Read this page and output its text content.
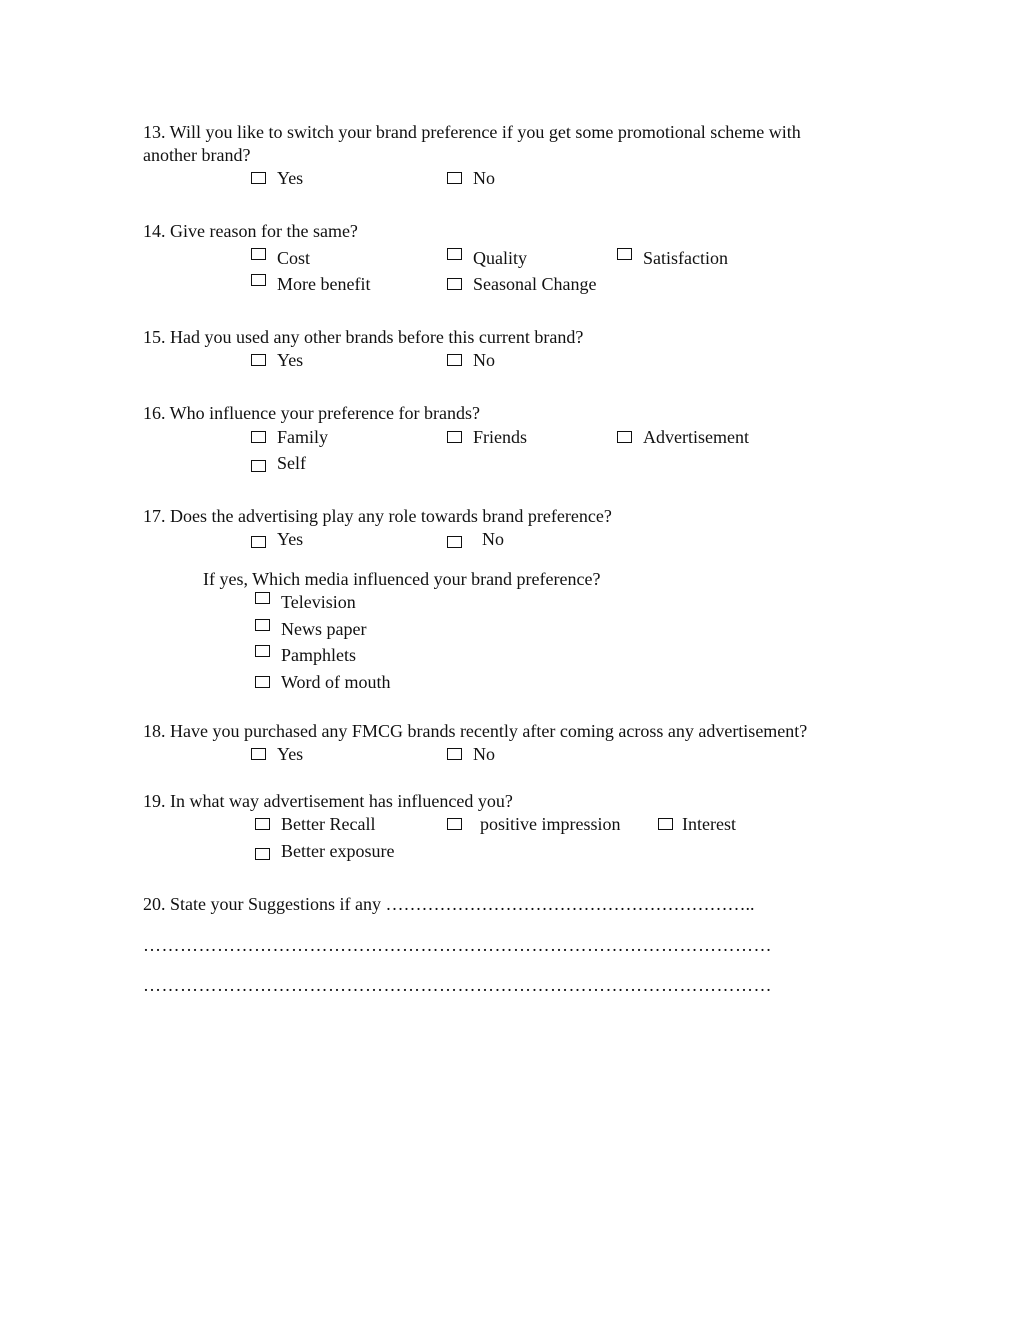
13. Will you like to switch your brand preference if you get some promotional scheme with
another brand?
Yes	No
14. Give reason for the same?
Cost	Quality	Satisfaction
More benefit	Seasonal Change
15. Had you used any other brands before this current brand?
Yes	No
16. Who influence your preference for brands?
Family	Friends	Advertisement
Self
17. Does the advertising play any role towards brand preference?
Yes	No
If yes, Which media influenced your brand preference?
Television
News paper
Pamphlets
Word of mouth
18. Have you purchased any FMCG brands recently after coming across any advertisement?
Yes	No
19. In what way advertisement has influenced you?
Better Recall	positive impression	Interest
Better exposure
20. State your Suggestions if any ……………………………………………………..
…………………………………………………………………………………………
…………………………………………………………………………………………
